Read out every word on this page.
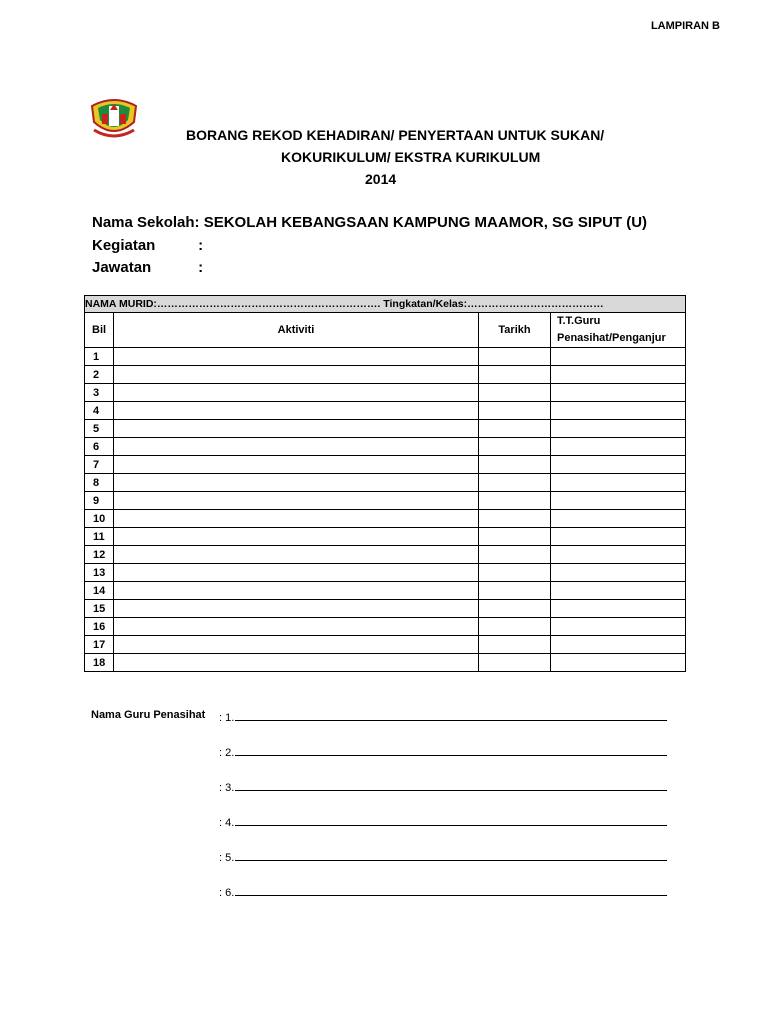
LAMPIRAN B
BORANG REKOD KEHADIRAN/ PENYERTAAN UNTUK SUKAN/
KOKURIKULUM/ EKSTRA KURIKULUM
2014
Nama Sekolah: SEKOLAH KEBANGSAAN KAMPUNG MAAMOR, SG SIPUT (U)
Kegiatan	:
Jawatan	:
NAMA MURID:………………………………………………………. Tingkatan/Kelas:…………………………………			
Bil	Aktiviti	Tarikh	T.T.Guru
Penasihat/Penganjur

1			
2			
3			
4			
5			
6			
7			
8			
9			
10			
11			
12			
13			
14			
15			
16			
17			
18			
Nama Guru Penasihat : 1.
: 2.
: 3.
: 4.
: 5.
: 6.
